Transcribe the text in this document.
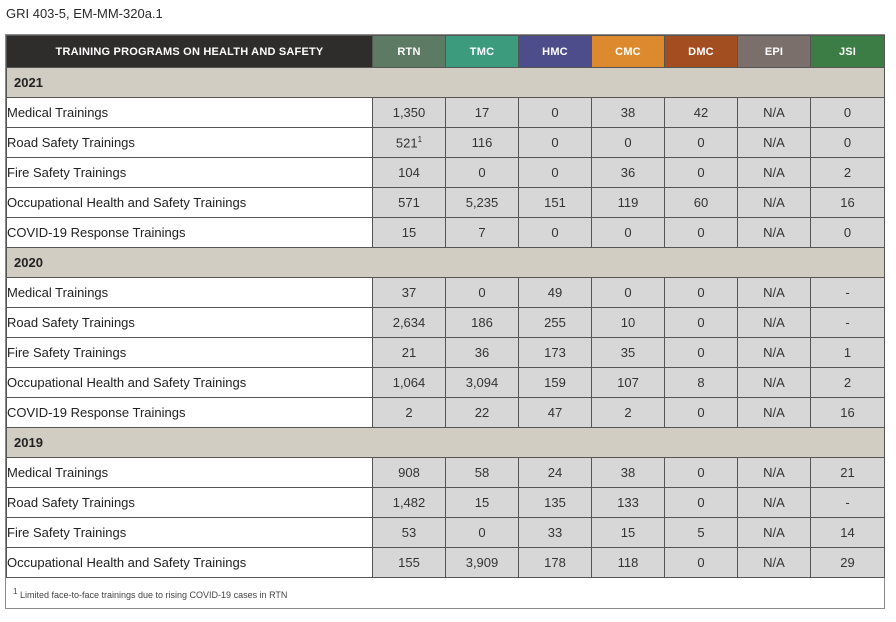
GRI 403-5, EM-MM-320a.1
TRAINING PROGRAMS ON HEALTH AND SAFETY	RTN	TMC	HMC	CMC	DMC	EPI	JSI
2021							
Medical Trainings	1,350	17	0	38	42	N/A	0
Road Safety Trainings	$521^1$	116	0	0	0	N/A	0
Fire Safety Trainings	104	0	0	36	0	N/A	2
Occupational Health and Safety Trainings	571	5,235	151	119	60	N/A	16
COVID-19 Response Trainings	15	7	0	0	0	N/A	0
2020							
Medical Trainings	37	0	49	0	0	N/A	-
Road Safety Trainings	2,634	186	255	10	0	N/A	-
Fire Safety Trainings	21	36	173	35	0	N/A	1
Occupational Health and Safety Trainings	1,064	3,094	159	107	8	N/A	2
COVID-19 Response Trainings	2	22	47	2	0	N/A	16
2019							
Medical Trainings	908	58	24	38	0	N/A	21
Road Safety Trainings	1,482	15	135	133	0	N/A	-
Fire Safety Trainings	53	0	33	15	5	N/A	14
Occupational Health and Safety Trainings	155	3,909	178	118	0	N/A	29
$^1$ Limited face-to-face trainings due to rising COVID-19 cases in RTN
